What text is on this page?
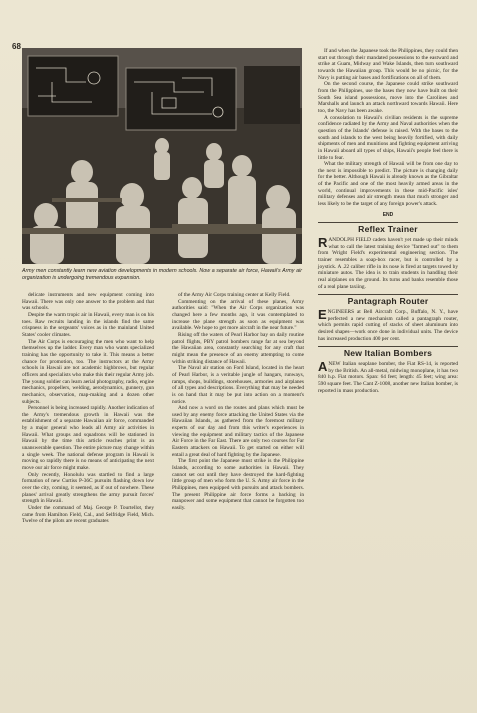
68
Army men constantly learn new aviation developments in modern schools. Now a separate air force, Hawaii's Army air organization is undergoing tremendous expansion.

delicate instruments and new equipment coming into Hawaii. There was only one answer to the problem and that was schools.

Despite the warm tropic air in Hawaii, every man is on his toes. Raw recruits landing in the islands find the same crispness in the sergeants' voices as in the mainland United States' cooler climates.

The Air Corps is encouraging the men who want to help themselves up the ladder. Every man who wants specialized training has the opportunity to take it. This means a better chance for promotion, too. The instructors at the Army schools in Hawaii are not academic highbrows, but regular officers and specialists who make this their regular Army job. The young soldier can learn aerial photography, radio, engine mechanics, propellers, welding, aerodynamics, gunnery, gun mechanics, observation, map-making and a dozen other subjects.

Personnel is being increased rapidly. Another indication of the Army's tremendous growth in Hawaii was the establishment of a separate Hawaiian air force, commanded by a major general who leads all Army air activities in Hawaii. What groups and squadrons will be stationed in Hawaii by the time this article reaches print is an unanswerable question. The entire picture may change within a single week. The national defense program in Hawaii is moving so rapidly there is no means of anticipating the next move our air force might make.

Only recently, Honolulu was startled to find a large formation of new Curtiss P-36C pursuits flashing down low over the city, coming, it seemed, as if out of nowhere. These planes' arrival greatly strengthens the army pursuit forces' strength in Hawaii.

Under the command of Maj. George P. Tourtellot, they came from Hamilton Field, Cal., and Selfridge Field, Mich. Twelve of the pilots are recent graduates

of the Army Air Corps training center at Kelly Field.

Commenting on the arrival of these planes, Army authorities said: "When the Air Corps organization was changed here a few months ago, it was contemplated to increase the plane strength as soon as equipment was available. We hope to get more aircraft in the near future."

Rising off the waters of Pearl Harbor bay on daily routine patrol flights, PBY patrol bombers range far at sea beyond the Hawaiian area, constantly searching for any craft that might mean the presence of an enemy attempting to come within striking distance of Hawaii.

The Naval air station on Ford Island, located in the heart of Pearl Harbor, is a veritable jungle of hangars, runways, ramps, shops, buildings, storehouses, armories and airplanes of all types and descriptions. Everything that may be needed is on hand that it may be put into action on a moment's notice.

And now a word on the routes and plans which must be used by any enemy force attacking the United States via the Hawaiian Islands, as gathered from the foremost military experts of our day and from this writer's experiences in viewing the equipment and military tactics of the Japanese Air Force in the Far East. There are only two courses for Far Eastern attackers on Hawaii. To get started on either will entail a great deal of hard fighting by the Japanese.

The first point the Japanese must strike is the Philippine Islands, according to some authorities in Hawaii. They cannot set out until they have destroyed the hard-fighting little group of men who form the U. S. Army air force in the Philippines, men equipped with pursuits and attack bombers. The present Philippine air force forms a backing in manpower and some equipment that cannot be forgotten too easily.

If and when the Japanese took the Philippines, they could then start out through their mandated possessions to the eastward and strike at Guam, Midway and Wake Islands, then turn southward towards the Hawaiian group. This would be no picnic, for the Navy is putting air bases and fortifications on all of them.

On the second course, the Japanese could strike southward from the Philippines, use the bases they now have built on their South Sea island possessions, move into the Carolines and Marshalls and launch an attack northward towards Hawaii. Here too, the Navy has been awake.

A consolation to Hawaii's civilian residents is the supreme confidence radiated by the Army and Naval authorities when the question of the Islands' defense is raised. With the bases to the south and islands to the west being heavily fortified, with daily shipments of men and munitions and fighting equipment arriving in Hawaii aboard all types of ships, Hawaii's people feel there is little to fear.

What the military strength of Hawaii will be from one day to the next is impossible to predict. The picture is changing daily for the better. Although Hawaii is already known as the Gibraltar of the Pacific and one of the most heavily armed areas in the world, continual improvements in these mid-Pacific isles' military defenses and air strength mean that much stronger and less likely to be the target of any foreign power's attack.

END
Reflex Trainer

RANDOLPH FIELD cadets haven't yet made up their minds what to call the latest training device "farmed out" to them from Wright Field's experimental engineering section. The trainer resembles a soap-box racer, but is controlled by a joystick. A .22 caliber rifle in its nose is fired at targets towed by miniature autos. The idea is to train students in handling their real airplanes on the ground. Its turns and banks resemble those of a real plane taxiing.

Pantagraph Router

ENGINEERS at Bell Aircraft Corp., Buffalo, N. Y., have perfected a new mechanism called a pantagraph router, which permits rapid cutting of stacks of sheet aluminum into desired shapes—work once done in individual units. The device has increased production 400 per cent.

New Italian Bombers

A NEW Italian seaplane bomber, the Fiat RS-14, is reported by the British. An all-metal, midwing monoplane, it has two 840 h.p. Fiat motors. Span: 64 feet; length: 45 feet; wing area: 590 square feet. The Cant Z-1008, another new Italian bomber, is reported in mass production.
